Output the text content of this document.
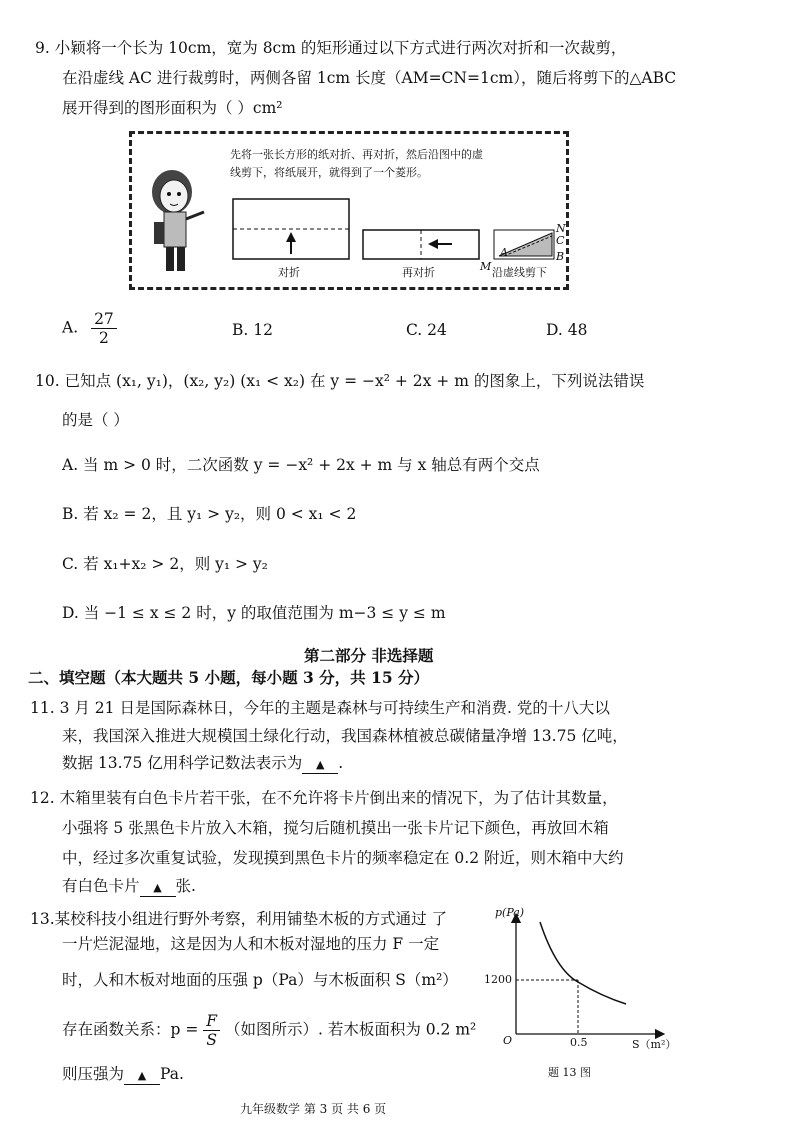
9. 小颖将一个长为 10cm，宽为 8cm 的矩形通过以下方式进行两次对折和一次裁剪，
在沿虚线 AC 进行裁剪时，两侧各留 1cm 长度（AM=CN=1cm），随后将剪下的△ABC
展开得到的图形面积为（ ）cm²
先将一张长方形的纸对折、再对折，然后沿图中的虚
线剪下，将纸展开，就得到了一个菱形。
N
C
B
A
M
对折	再对折	沿虚线剪下
A. $\frac{27}{2}$	B. 12	C. 24	D. 48
10. 已知点 (x₁, y₁)，(x₂, y₂) (x₁ < x₂) 在 y = −x² + 2x + m 的图象上，下列说法错误
的是（ ）
A. 当 m > 0 时，二次函数 y = −x² + 2x + m 与 x 轴总有两个交点
B. 若 x₂ = 2，且 y₁ > y₂，则 0 < x₁ < 2
C. 若 x₁+x₂ > 2，则 y₁ > y₂
D. 当 −1 ≤ x ≤ 2 时，y 的取值范围为 m−3 ≤ y ≤ m
第二部分 非选择题
二、填空题（本大题共 5 小题，每小题 3 分，共 15 分）
11. 3 月 21 日是国际森林日，今年的主题是森林与可持续生产和消费. 党的十八大以
来，我国深入推进大规模国土绿化行动，我国森林植被总碳储量净增 13.75 亿吨，
数据 13.75 亿用科学记数法表示为 ▲ .
12. 木箱里装有白色卡片若干张，在不允许将卡片倒出来的情况下，为了估计其数量，
小强将 5 张黑色卡片放入木箱，搅匀后随机摸出一张卡片记下颜色，再放回木箱
中，经过多次重复试验，发现摸到黑色卡片的频率稳定在 0.2 附近，则木箱中大约
有白色卡片 ▲ 张.
13.某校科技小组进行野外考察，利用铺垫木板的方式通过 了
一片烂泥湿地，这是因为人和木板对湿地的压力 F 一定
时，人和木板对地面的压强 p（Pa）与木板面积 S（m²）
存在函数关系：$p = \frac{F}{S}$ （如图所示）. 若木板面积为 0.2 m²
则压强为 ▲ Pa.
p(Pa)
1200
O	0.5	S（m²）
题 13 图
九年级数学 第 3 页 共 6 页
